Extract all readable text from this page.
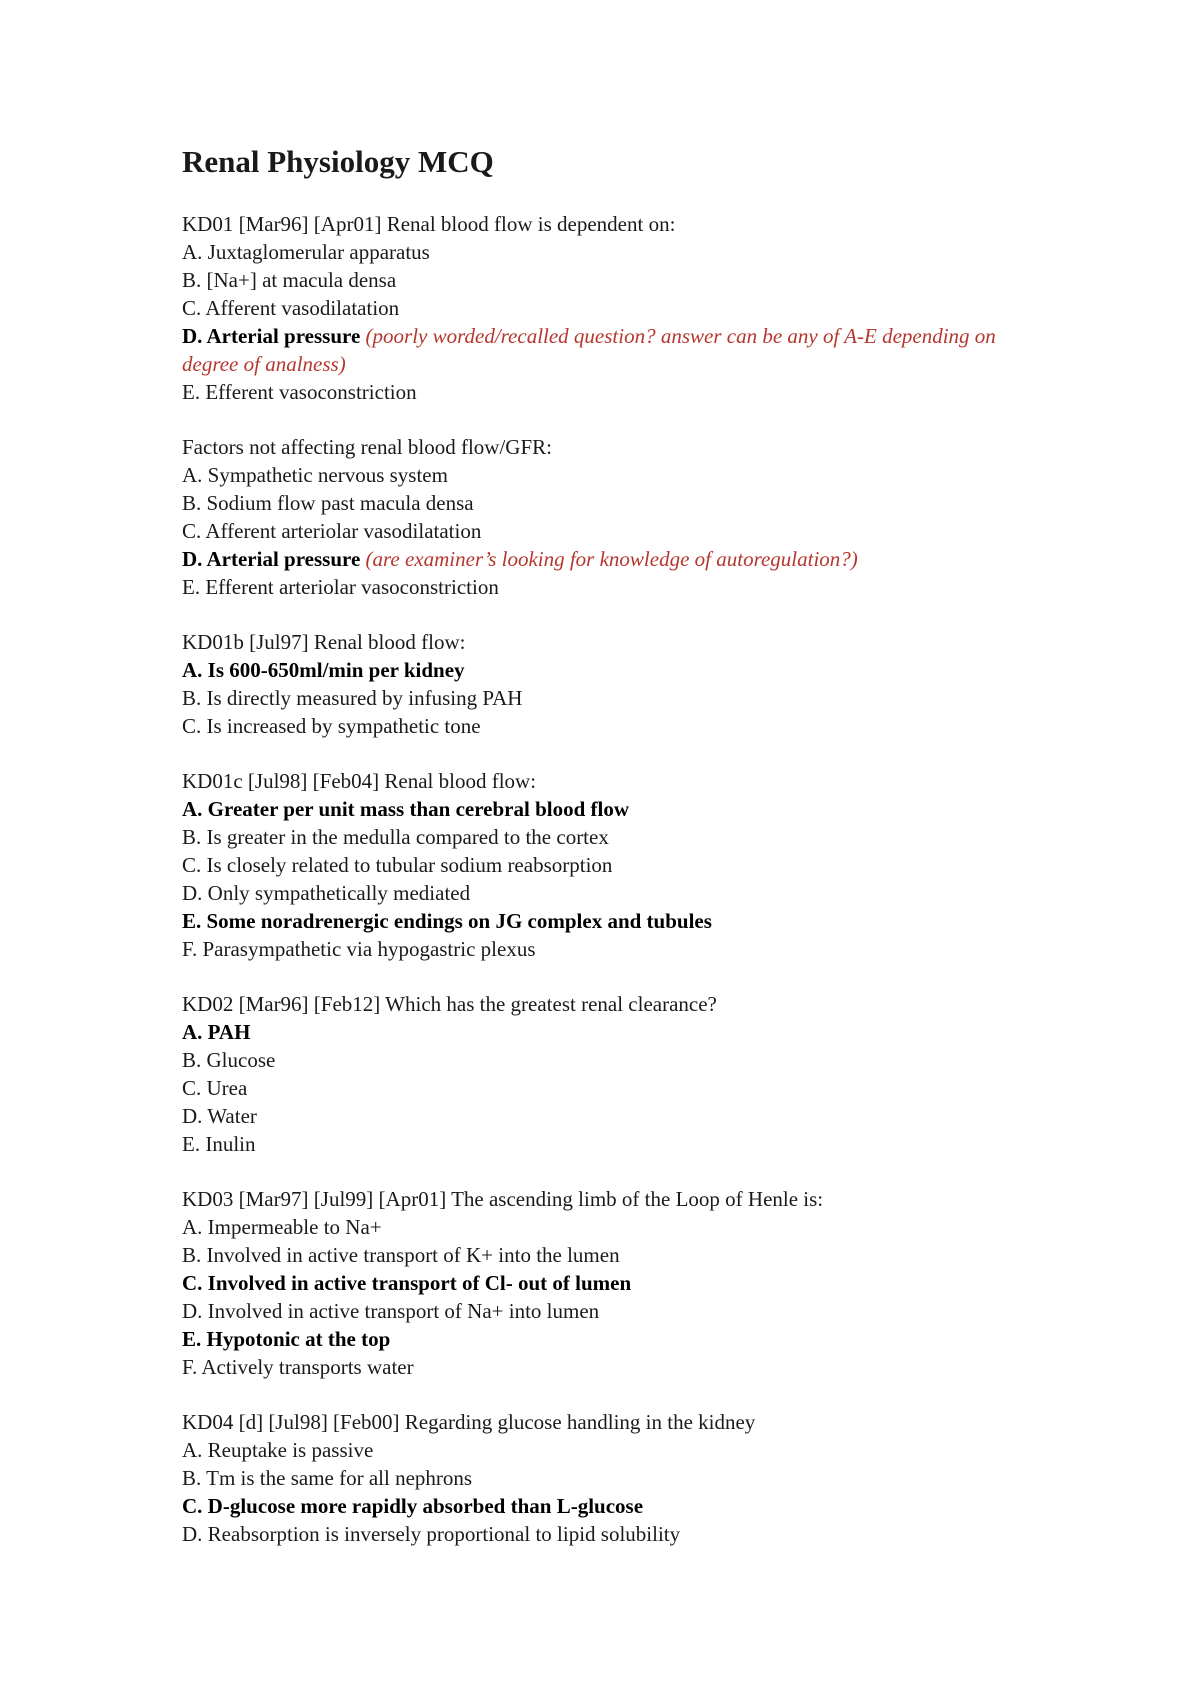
Renal Physiology MCQ
KD01 [Mar96] [Apr01] Renal blood flow is dependent on:
A. Juxtaglomerular apparatus
B. [Na+] at macula densa
C. Afferent vasodilatation
D. Arterial pressure (poorly worded/recalled question? answer can be any of A-E depending on degree of analness)
E. Efferent vasoconstriction
Factors not affecting renal blood flow/GFR:
A. Sympathetic nervous system
B. Sodium flow past macula densa
C. Afferent arteriolar vasodilatation
D. Arterial pressure (are examiner’s looking for knowledge of autoregulation?)
E. Efferent arteriolar vasoconstriction
KD01b [Jul97] Renal blood flow:
A. Is 600-650ml/min per kidney
B. Is directly measured by infusing PAH
C. Is increased by sympathetic tone
KD01c [Jul98] [Feb04] Renal blood flow:
A. Greater per unit mass than cerebral blood flow
B. Is greater in the medulla compared to the cortex
C. Is closely related to tubular sodium reabsorption
D. Only sympathetically mediated
E. Some noradrenergic endings on JG complex and tubules
F. Parasympathetic via hypogastric plexus
KD02 [Mar96] [Feb12] Which has the greatest renal clearance?
A. PAH
B. Glucose
C. Urea
D. Water
E. Inulin
KD03 [Mar97] [Jul99] [Apr01] The ascending limb of the Loop of Henle is:
A. Impermeable to Na+
B. Involved in active transport of K+ into the lumen
C. Involved in active transport of Cl- out of lumen
D. Involved in active transport of Na+ into lumen
E. Hypotonic at the top
F. Actively transports water
KD04 [d] [Jul98] [Feb00] Regarding glucose handling in the kidney
A. Reuptake is passive
B. Tm is the same for all nephrons
C. D-glucose more rapidly absorbed than L-glucose
D. Reabsorption is inversely proportional to lipid solubility
